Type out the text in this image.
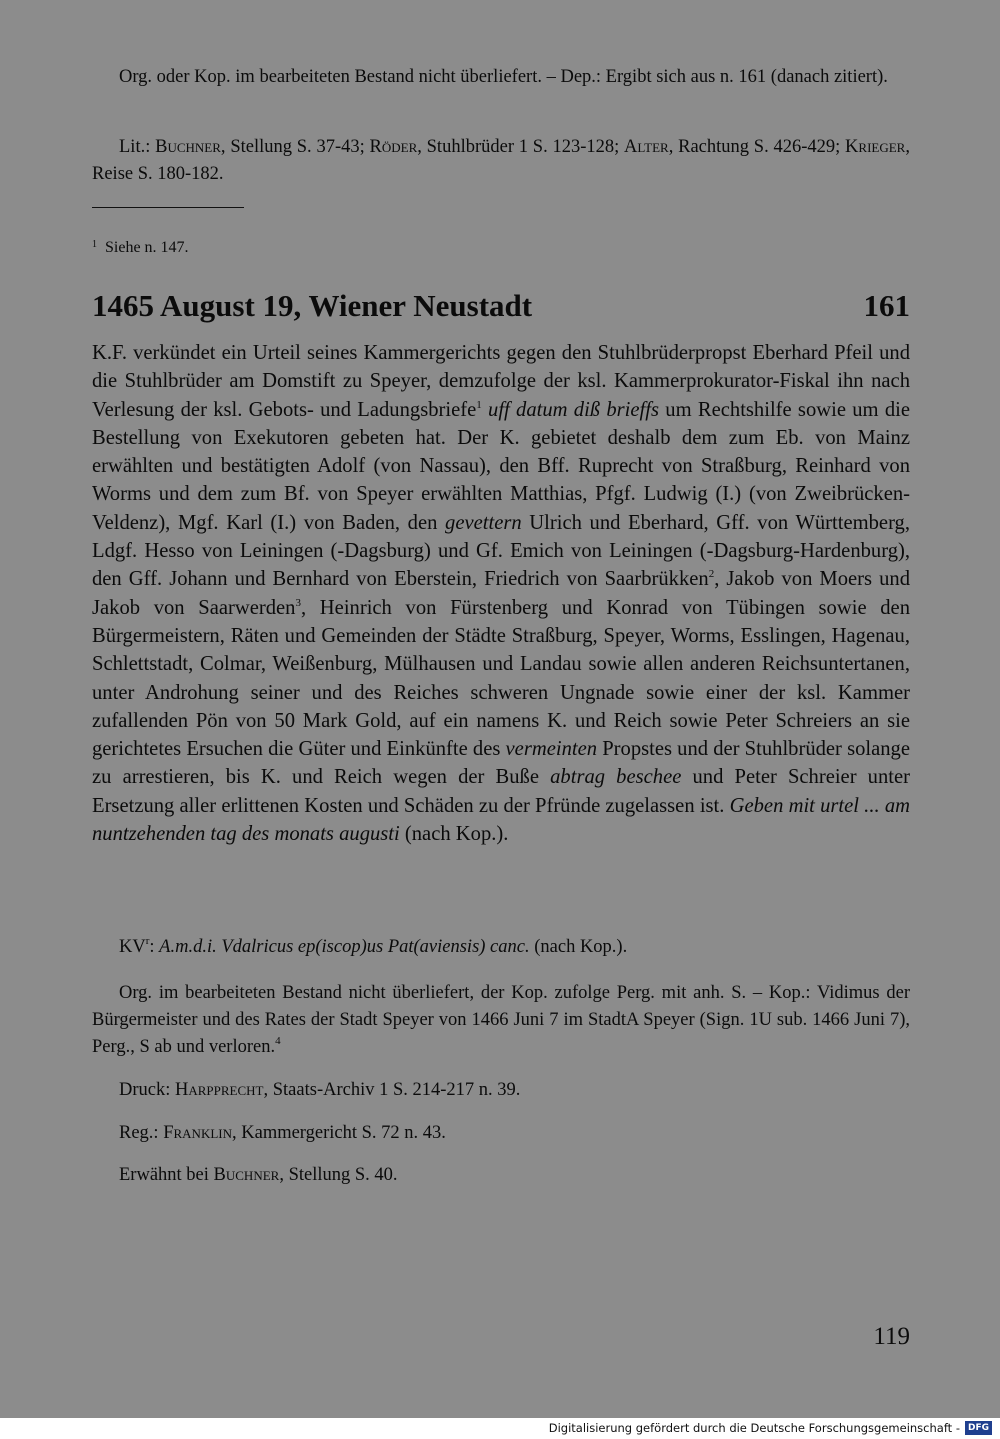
Org. oder Kop. im bearbeiteten Bestand nicht überliefert. – Dep.: Ergibt sich aus n. 161 (danach zitiert).

Lit.: Buchner, Stellung S. 37-43; Röder, Stuhlbrüder 1 S. 123-128; Alter, Rachtung S. 426-429; Krieger, Reise S. 180-182.

$^1$ Siehe n. 147.

1465 August 19, Wiener Neustadt	161

K.F. verkündet ein Urteil seines Kammergerichts gegen den Stuhlbrüderpropst Eberhard Pfeil und die Stuhlbrüder am Domstift zu Speyer, demzufolge der ksl. Kammerprokurator-Fiskal ihn nach Verlesung der ksl. Gebots- und Ladungsbriefe$^1$ uff datum diß brieffs um Rechtshilfe sowie um die Bestellung von Exekutoren gebeten hat. Der K. gebietet deshalb dem zum Eb. von Mainz erwählten und bestätigten Adolf (von Nassau), den Bff. Ruprecht von Straßburg, Reinhard von Worms und dem zum Bf. von Speyer erwählten Matthias, Pfgf. Ludwig (I.) (von Zweibrücken-Veldenz), Mgf. Karl (I.) von Baden, den gevettern Ulrich und Eberhard, Gff. von Württemberg, Ldgf. Hesso von Leiningen (-Dagsburg) und Gf. Emich von Leiningen (-Dagsburg-Hardenburg), den Gff. Johann und Bernhard von Eberstein, Friedrich von Saarbrükken$^2$, Jakob von Moers und Jakob von Saarwerden$^3$, Heinrich von Fürstenberg und Konrad von Tübingen sowie den Bürgermeistern, Räten und Gemeinden der Städte Straßburg, Speyer, Worms, Esslingen, Hagenau, Schlettstadt, Colmar, Weißenburg, Mülhausen und Landau sowie allen anderen Reichsuntertanen, unter Androhung seiner und des Reiches schweren Ungnade sowie einer der ksl. Kammer zufallenden Pön von 50 Mark Gold, auf ein namens K. und Reich sowie Peter Schreiers an sie gerichtetes Ersuchen die Güter und Einkünfte des vermeinten Propstes und der Stuhlbrüder solange zu arrestieren, bis K. und Reich wegen der Buße abtrag beschee und Peter Schreier unter Ersetzung aller erlittenen Kosten und Schäden zu der Pfründe zugelassen ist. Geben mit urtel ... am nuntzehenden tag des monats augusti (nach Kop.).

$KV^r$: A.m.d.i. Vdalricus ep(iscop)us Pat(aviensis) canc. (nach Kop.).

Org. im bearbeiteten Bestand nicht überliefert, der Kop. zufolge Perg. mit anh. S. – Kop.: Vidimus der Bürgermeister und des Rates der Stadt Speyer von 1466 Juni 7 im StadtA Speyer (Sign. 1U sub. 1466 Juni 7), Perg., S ab und verloren.$^4$

Druck: Harpprecht, Staats-Archiv 1 S. 214-217 n. 39.

Reg.: Franklin, Kammergericht S. 72 n. 43.

Erwähnt bei Buchner, Stellung S. 40.

119
Digitalisierung gefördert durch die Deutsche Forschungsgemeinschaft - DFG
